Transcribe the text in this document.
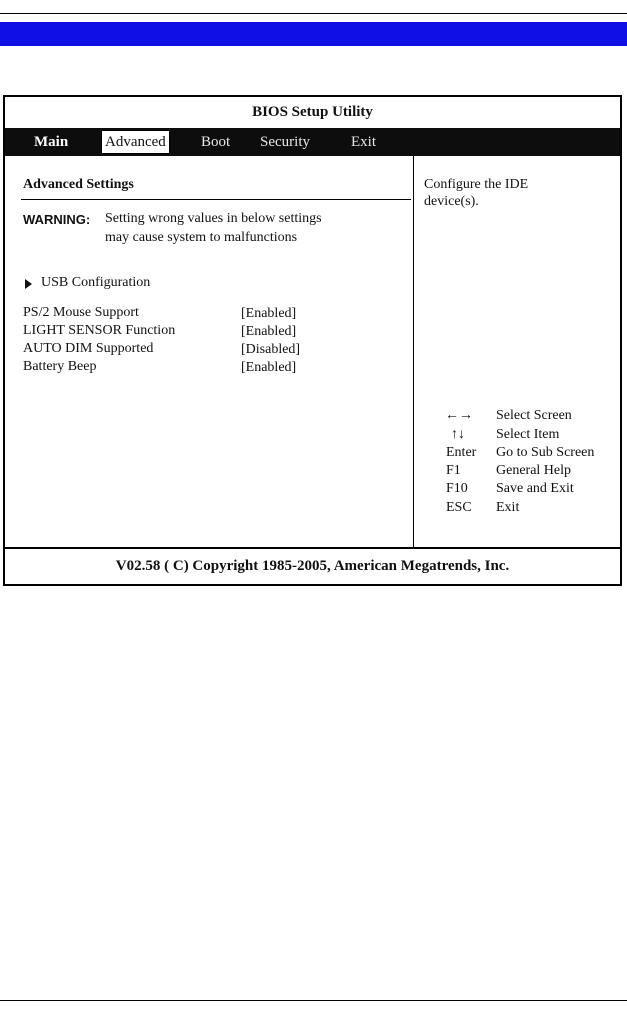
BIOS Setup Utility
Main Advanced Boot Security	Exit
Advanced Settings
WARNING: Setting wrong values in below settings
may cause system to malfunctions
USB Configuration
PS/2 Mouse Support	[Enabled]
LIGHT SENSOR Function	[Enabled]
AUTO DIM Supported	[Disabled]
Battery Beep	[Enabled]
Configure the IDE
device(s).
←→ Select Screen
↑↓ Select Item
Enter Go to Sub Screen
F1	General Help
F10 Save and Exit
ESC Exit
V02.58 ( C) Copyright 1985-2005, American Megatrends, Inc.
